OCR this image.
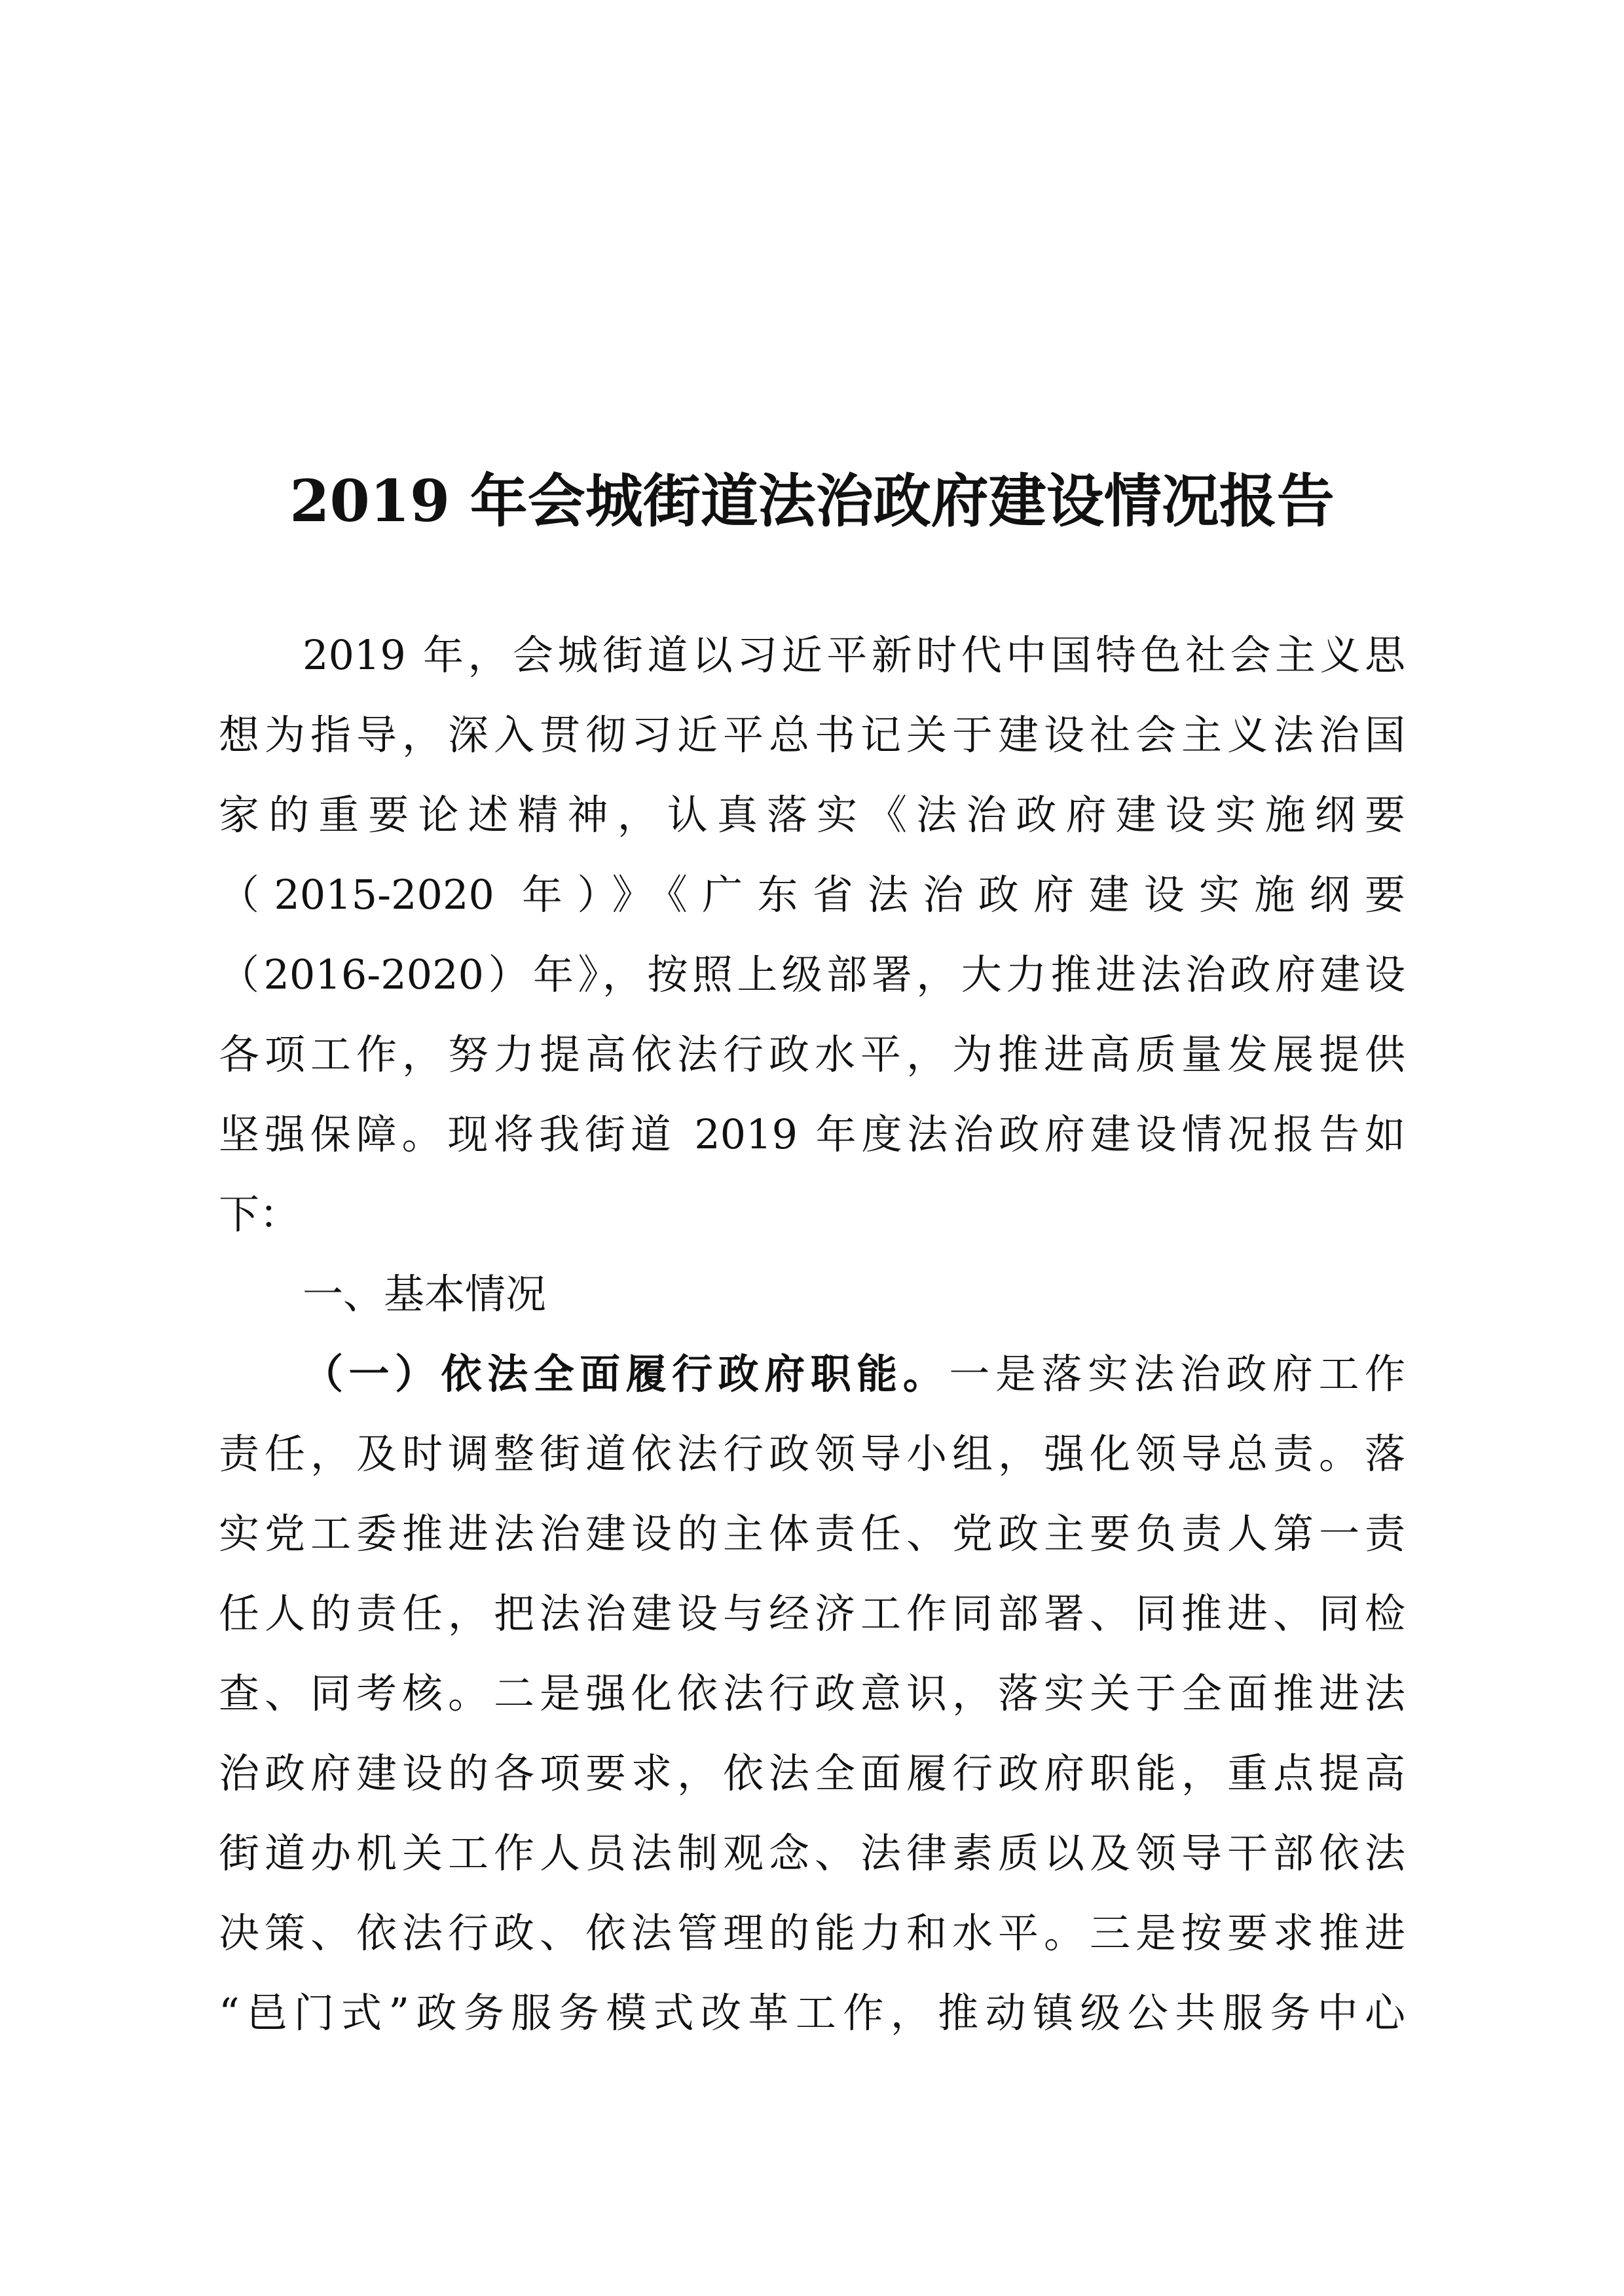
2019 年会城街道法治政府建设情况报告
2019 年，会城街道以习近平新时代中国特色社会主义思
想为指导，深入贯彻习近平总书记关于建设社会主义法治国
家的重要论述精神，认真落实《法治政府建设实施纲要
（2015-2020 年）》《广东省法治政府建设实施纲要
（2016-2020）年》，按照上级部署，大力推进法治政府建设
各项工作，努力提高依法行政水平，为推进高质量发展提供
坚强保障。现将我街道 2019 年度法治政府建设情况报告如
下：
一、基本情况
（一）依法全面履行政府职能。一是落实法治政府工作
责任，及时调整街道依法行政领导小组，强化领导总责。落
实党工委推进法治建设的主体责任、党政主要负责人第一责
任人的责任，把法治建设与经济工作同部署、同推进、同检
查、同考核。二是强化依法行政意识，落实关于全面推进法
治政府建设的各项要求，依法全面履行政府职能，重点提高
街道办机关工作人员法制观念、法律素质以及领导干部依法
决策、依法行政、依法管理的能力和水平。三是按要求推进
“邑门式”政务服务模式改革工作，推动镇级公共服务中心
